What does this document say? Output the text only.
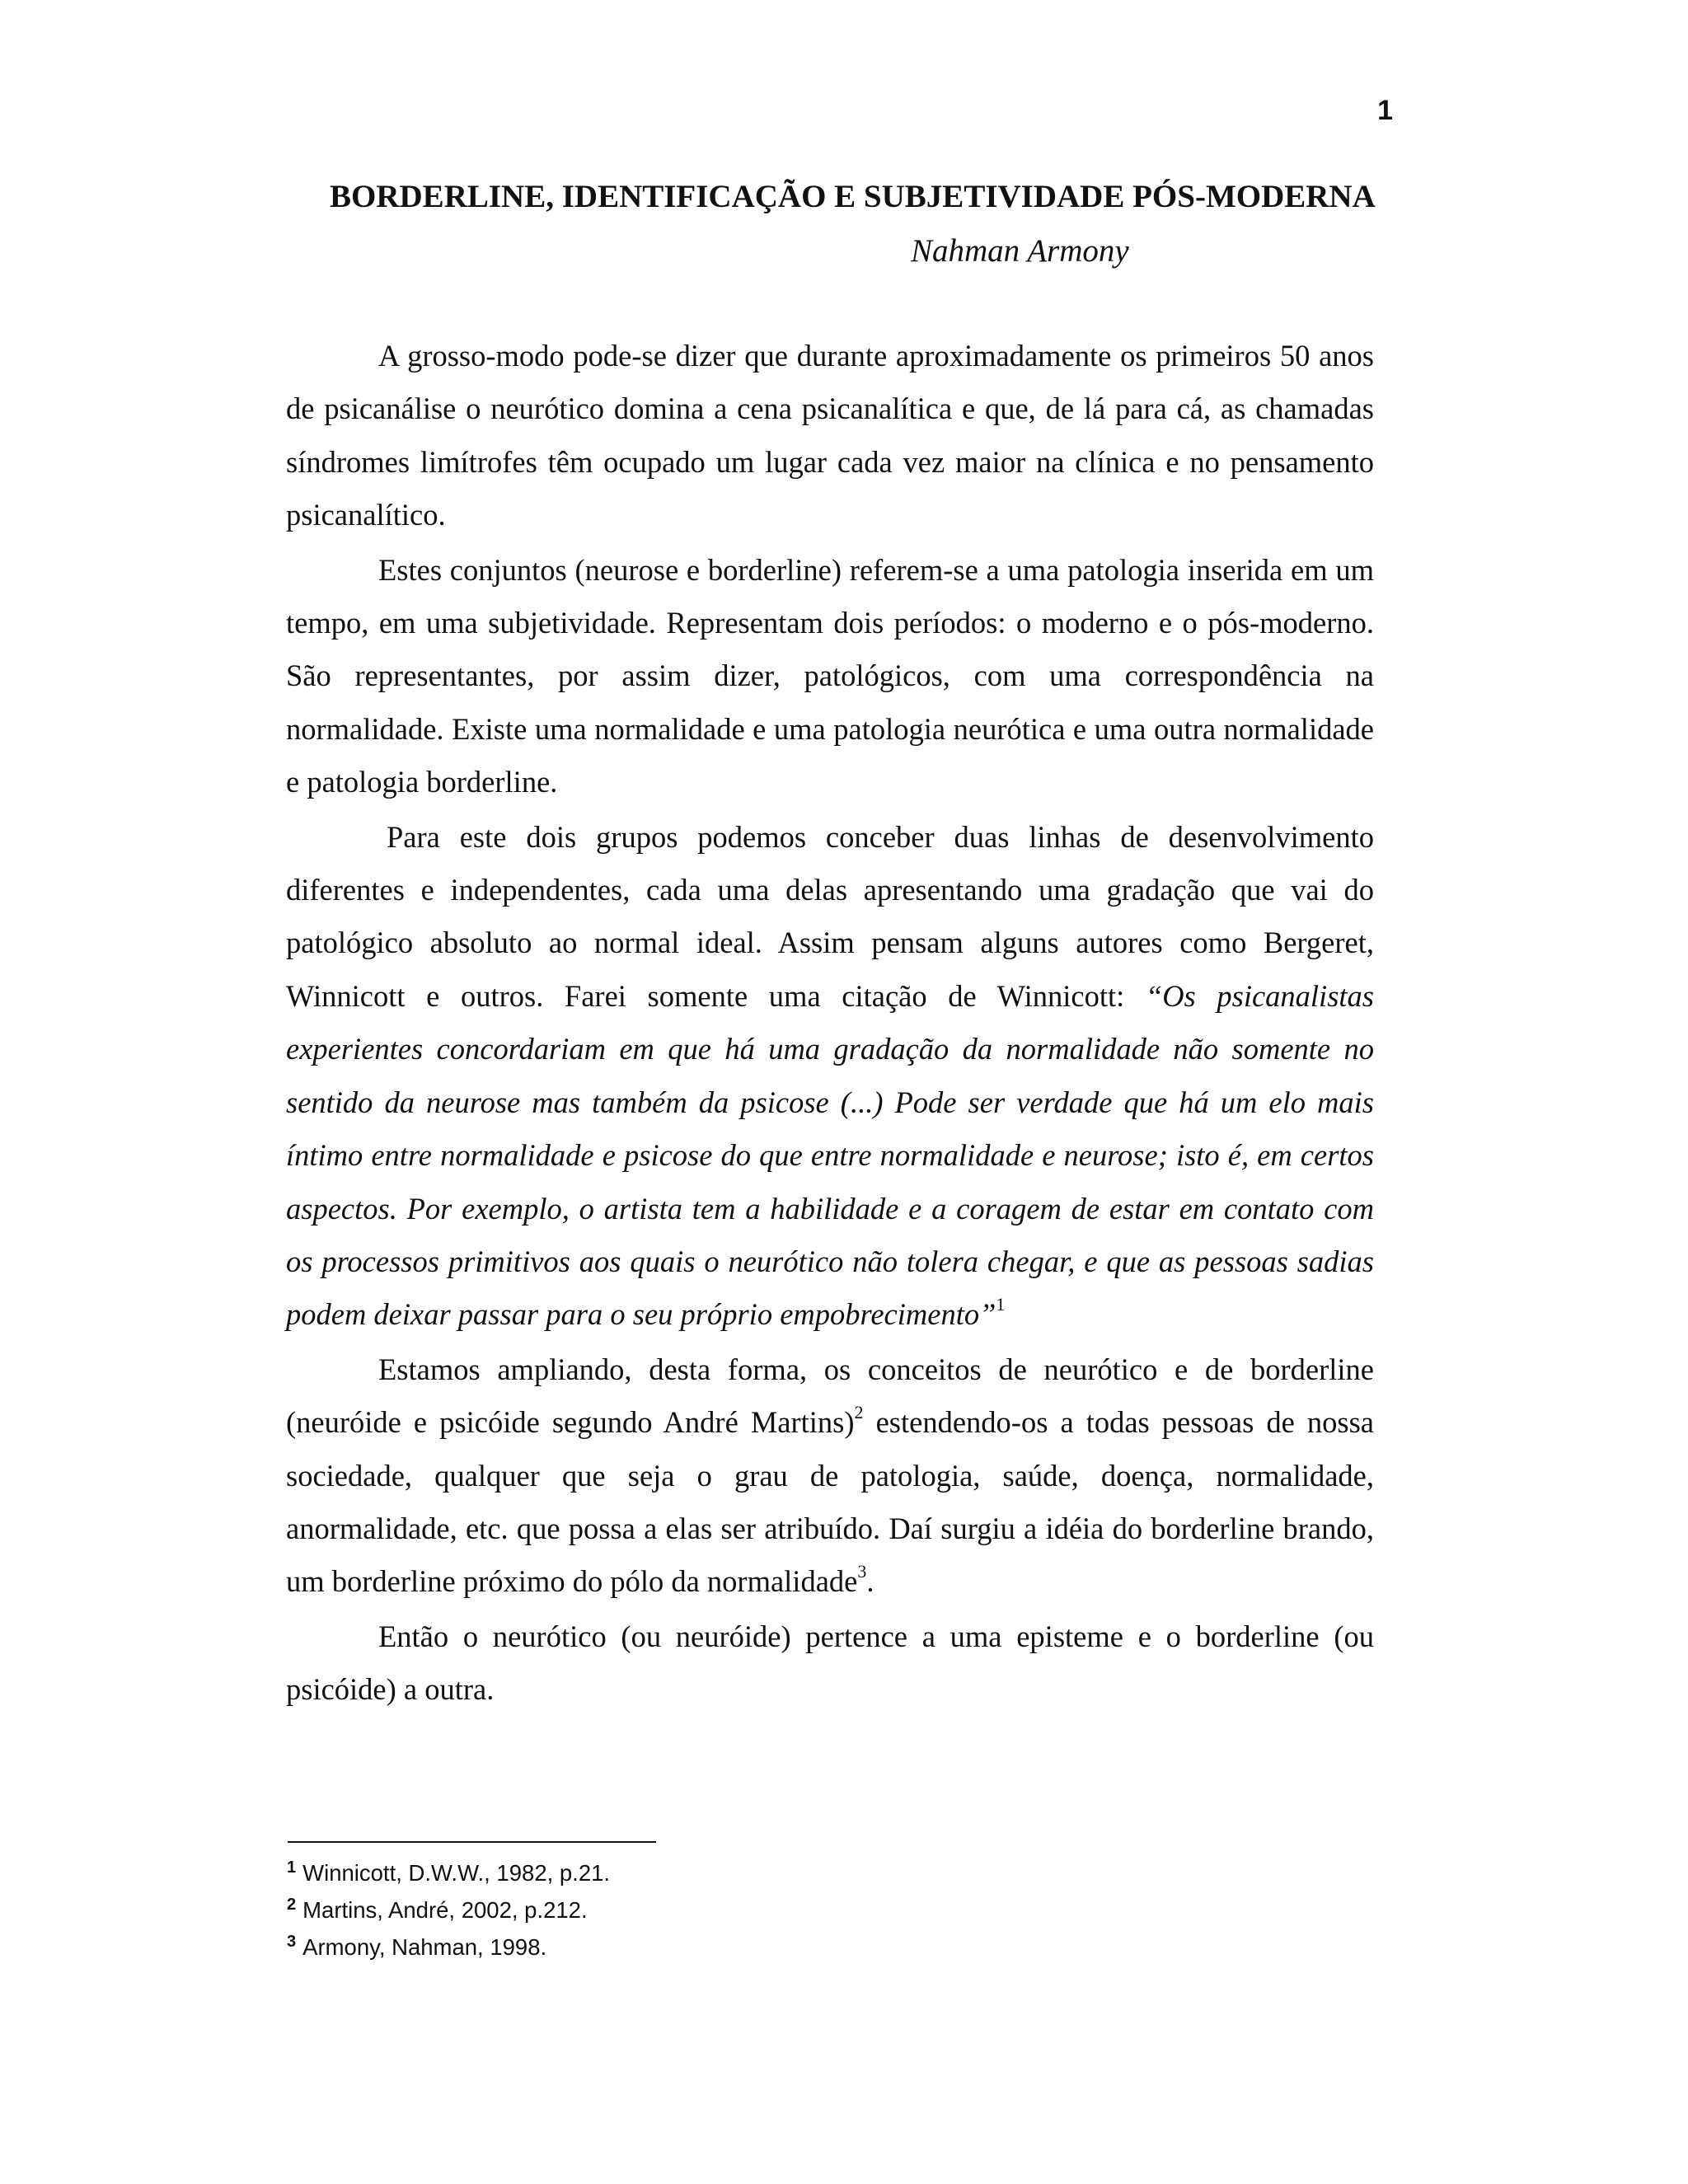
1
BORDERLINE, IDENTIFICAÇÃO E SUBJETIVIDADE PÓS-MODERNA
Nahman Armony

A grosso-modo pode-se dizer que durante aproximadamente os primeiros 50 anos de psicanálise o neurótico domina a cena psicanalítica e que, de lá para cá, as chamadas síndromes limítrofes têm ocupado um lugar cada vez maior na clínica e no pensamento psicanalítico.

Estes conjuntos (neurose e borderline) referem-se a uma patologia inserida em um tempo, em uma subjetividade. Representam dois períodos: o moderno e o pós-moderno. São representantes, por assim dizer, patológicos, com uma correspondência na normalidade. Existe uma normalidade e uma patologia neurótica e uma outra normalidade e patologia borderline.

Para este dois grupos podemos conceber duas linhas de desenvolvimento diferentes e independentes, cada uma delas apresentando uma gradação que vai do patológico absoluto ao normal ideal. Assim pensam alguns autores como Bergeret, Winnicott e outros. Farei somente uma citação de Winnicott: “Os psicanalistas experientes concordariam em que há uma gradação da normalidade não somente no sentido da neurose mas também da psicose (...) Pode ser verdade que há um elo mais íntimo entre normalidade e psicose do que entre normalidade e neurose; isto é, em certos aspectos. Por exemplo, o artista tem a habilidade e a coragem de estar em contato com os processos primitivos aos quais o neurótico não tolera chegar, e que as pessoas sadias podem deixar passar para o seu próprio empobrecimento”$^1$

Estamos ampliando, desta forma, os conceitos de neurótico e de borderline (neuróide e psicóide segundo André Martins)$^2$ estendendo-os a todas pessoas de nossa sociedade, qualquer que seja o grau de patologia, saúde, doença, normalidade, anormalidade, etc. que possa a elas ser atribuído. Daí surgiu a idéia do borderline brando, um borderline próximo do pólo da normalidade$^3$.

Então o neurótico (ou neuróide) pertence a uma episteme e o borderline (ou psicóide) a outra.

$^1$ Winnicott, D.W.W., 1982, p.21.
$^2$ Martins, André, 2002, p.212.
$^3$ Armony, Nahman, 1998.
